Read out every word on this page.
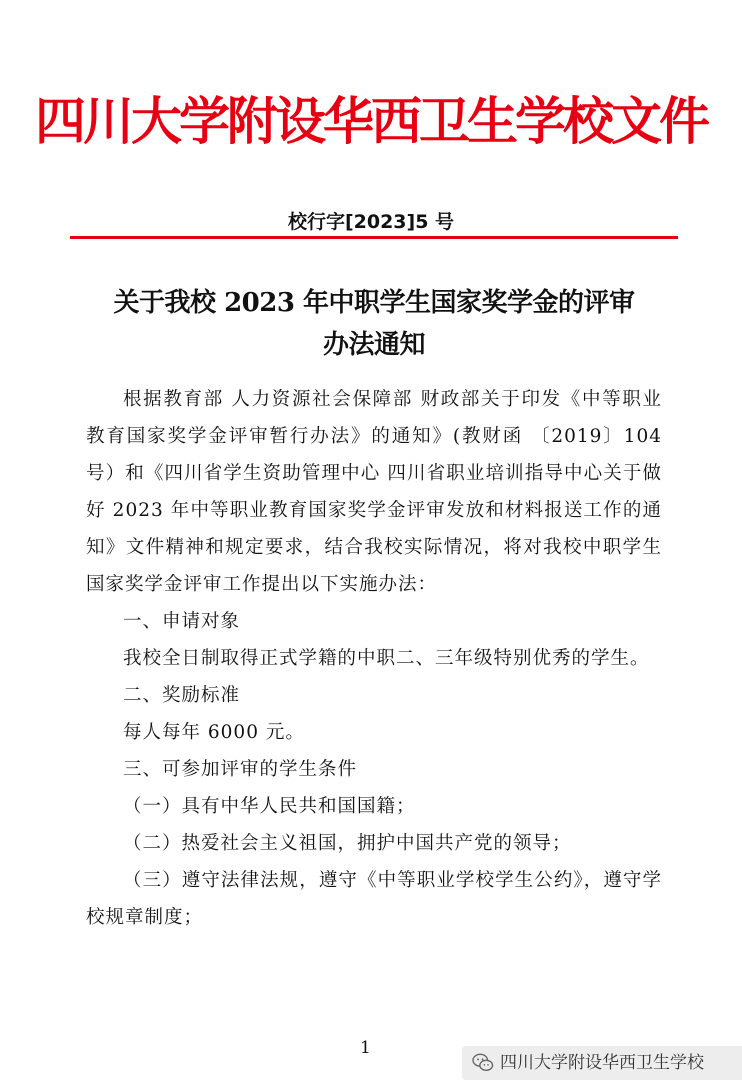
四川大学附设华西卫生学校文件
校行字[2023]5 号
关于我校 2023 年中职学生国家奖学金的评审
办法通知

根据教育部 人力资源社会保障部 财政部关于印发《中等职业教育国家奖学金评审暂行办法》的通知》(教财函 〔2019〕104 号）和《四川省学生资助管理中心 四川省职业培训指导中心关于做好 2023 年中等职业教育国家奖学金评审发放和材料报送工作的通知》文件精神和规定要求，结合我校实际情况，将对我校中职学生国家奖学金评审工作提出以下实施办法：

一、申请对象

我校全日制取得正式学籍的中职二、三年级特别优秀的学生。

二、奖励标准

每人每年 6000 元。

三、可参加评审的学生条件

（一）具有中华人民共和国国籍；

（二）热爱社会主义祖国，拥护中国共产党的领导；

（三）遵守法律法规，遵守《中等职业学校学生公约》，遵守学校规章制度；

1
四川大学附设华西卫生学校
